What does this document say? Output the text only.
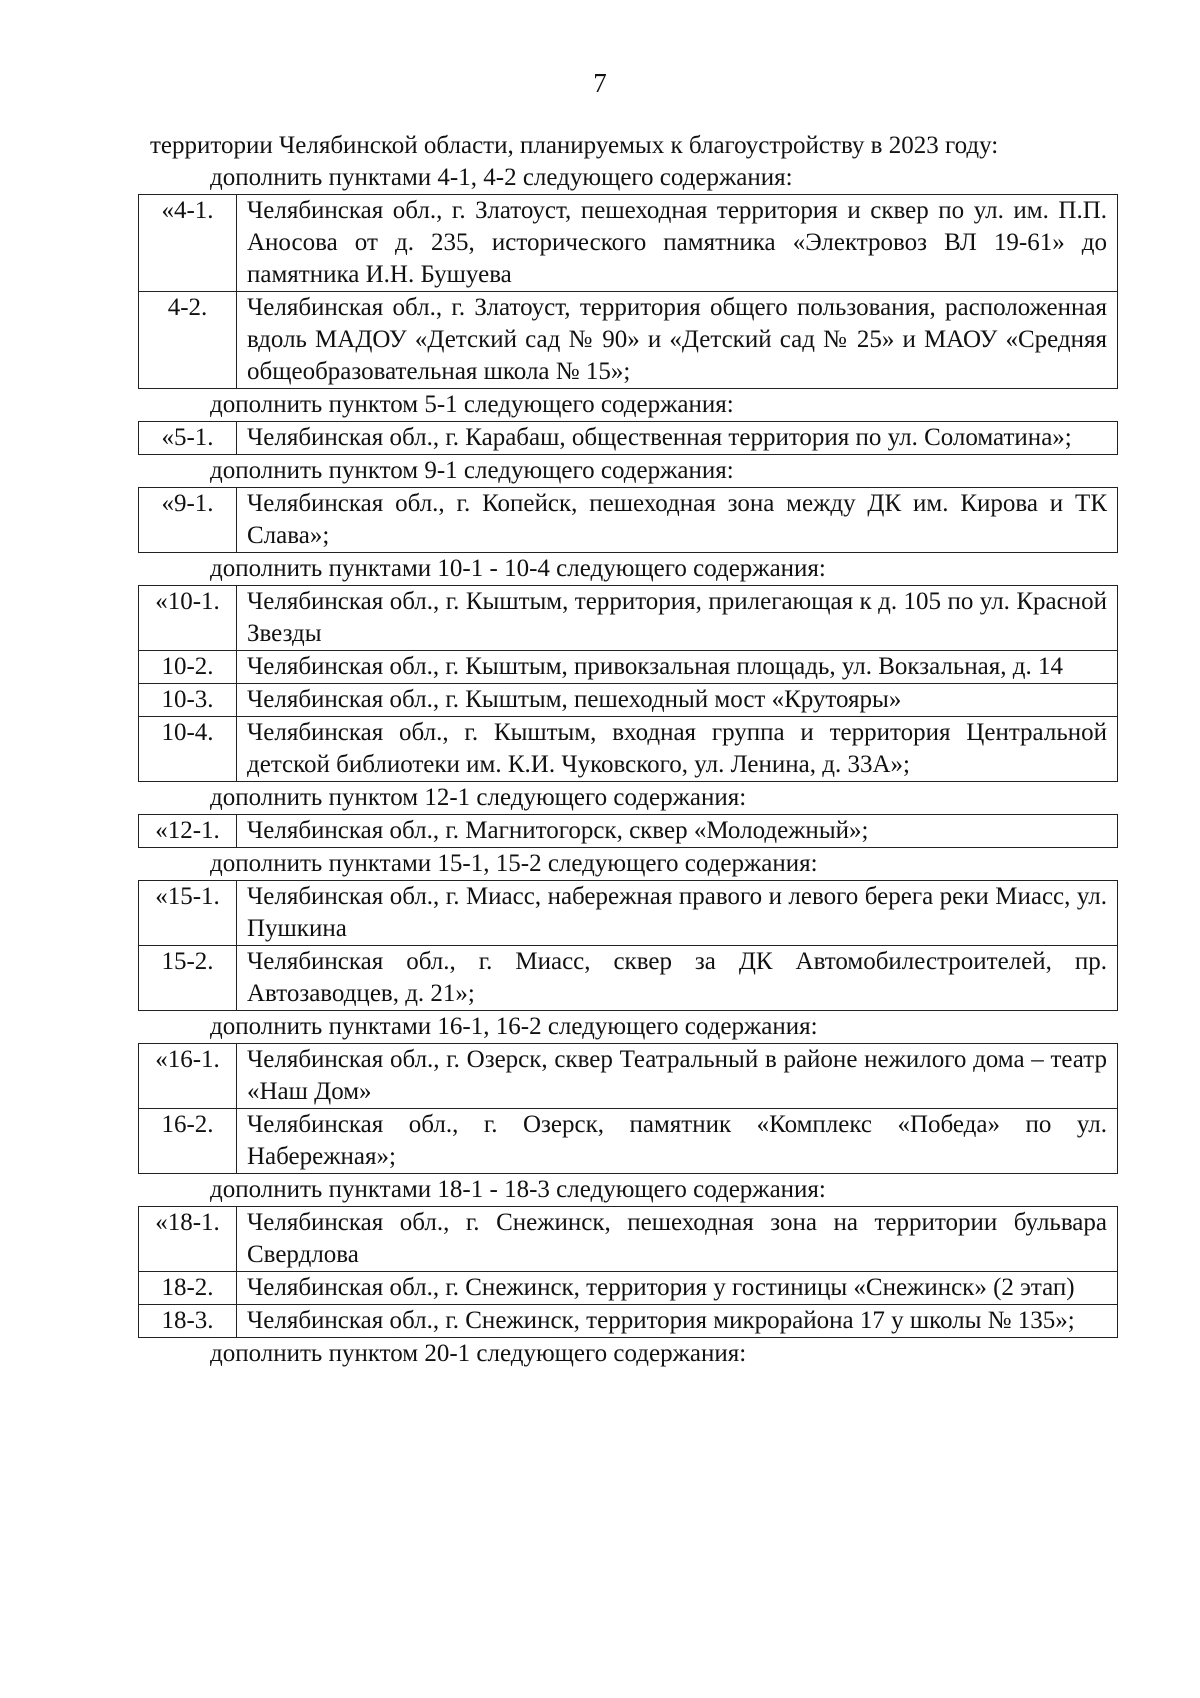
7

территории Челябинской области, планируемых к благоустройству в 2023 году:

дополнить пунктами 4-1, 4-2 следующего содержания:

«4-1.	Челябинская обл., г. Златоуст, пешеходная территория и сквер по ул. им. П.П. Аносова от д. 235, исторического памятника «Электровоз ВЛ 19-61» до памятника И.Н. Бушуева
4-2.	Челябинская обл., г. Златоуст, территория общего пользования, расположенная вдоль МАДОУ «Детский сад № 90» и «Детский сад № 25» и МАОУ «Средняя общеобразовательная школа № 15»;

дополнить пунктом 5-1 следующего содержания:

«5-1.	Челябинская обл., г. Карабаш, общественная территория по ул. Соломатина»;

дополнить пунктом 9-1 следующего содержания:

«9-1.	Челябинская обл., г. Копейск, пешеходная зона между ДК им. Кирова и ТК Слава»;

дополнить пунктами 10-1 - 10-4 следующего содержания:

«10-1.	Челябинская обл., г. Кыштым, территория, прилегающая к д. 105 по ул. Красной Звезды
10-2.	Челябинская обл., г. Кыштым, привокзальная площадь, ул. Вокзальная, д. 14
10-3.	Челябинская обл., г. Кыштым, пешеходный мост «Крутояры»
10-4.	Челябинская обл., г. Кыштым, входная группа и территория Центральной детской библиотеки им. К.И. Чуковского, ул. Ленина, д. 33А»;

дополнить пунктом 12-1 следующего содержания:

«12-1.	Челябинская обл., г. Магнитогорск, сквер «Молодежный»;

дополнить пунктами 15-1, 15-2 следующего содержания:

«15-1.	Челябинская обл., г. Миасс, набережная правого и левого берега реки Миасс, ул. Пушкина
15-2.	Челябинская обл., г. Миасс, сквер за ДК Автомобилестроителей, пр. Автозаводцев, д. 21»;

дополнить пунктами 16-1, 16-2 следующего содержания:

«16-1.	Челябинская обл., г. Озерск, сквер Театральный в районе нежилого дома – театр «Наш Дом»
16-2.	Челябинская обл., г. Озерск, памятник «Комплекс «Победа» по ул. Набережная»;

дополнить пунктами 18-1 - 18-3 следующего содержания:

«18-1.	Челябинская обл., г. Снежинск, пешеходная зона на территории бульвара Свердлова
18-2.	Челябинская обл., г. Снежинск, территория у гостиницы «Снежинск» (2 этап)
18-3.	Челябинская обл., г. Снежинск, территория микрорайона 17 у школы № 135»;

дополнить пунктом 20-1 следующего содержания:
